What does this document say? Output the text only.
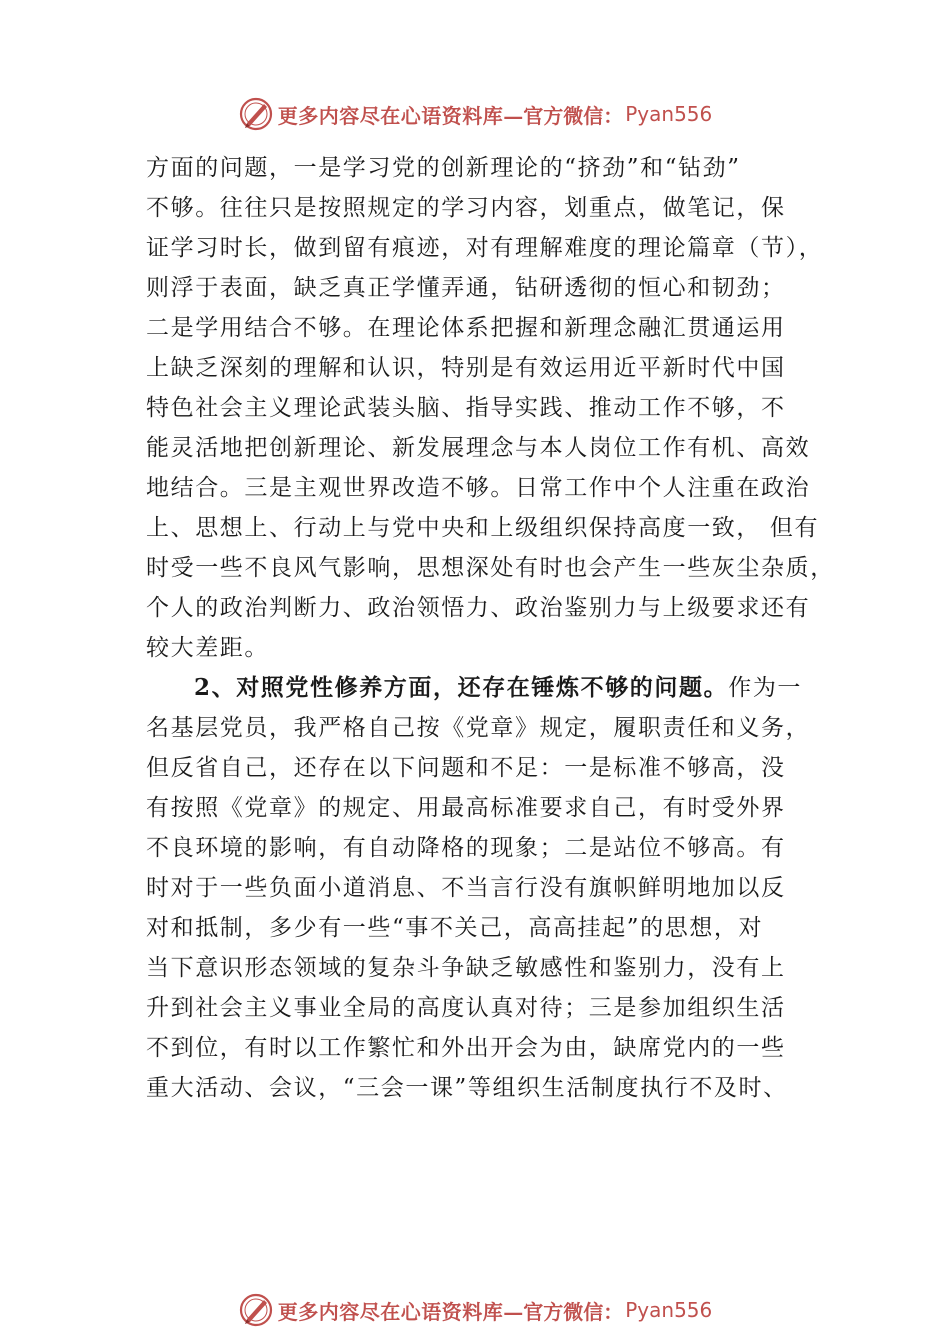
更多内容尽在心语资料库 —官方微信： Pyan556
方面的问题，一是学习党的创新理论的“挤劲”和“钻劲”
不够。往往只是按照规定的学习内容，划重点，做笔记，保
证学习时长，做到留有痕迹，对有理解难度的理论篇章（节），
则浮于表面，缺乏真正学懂弄通，钻研透彻的恒心和韧劲；
二是学用结合不够。在理论体系把握和新理念融汇贯通运用
上缺乏深刻的理解和认识，特别是有效运用近平新时代中国
特色社会主义理论武装头脑、指导实践、推动工作不够，不
能灵活地把创新理论、新发展理念与本人岗位工作有机、高效
地结合。三是主观世界改造不够。日常工作中个人注重在政治
上、思想上、行动上与党中央和上级组织保持高度一致， 但有
时受一些不良风气影响，思想深处有时也会产生一些灰尘杂质，
个人的政治判断力、政治领悟力、政治鉴别力与上级要求还有
较大差距。
2、对照党性修养方面，还存在锤炼不够的问题。作为一
名基层党员，我严格自己按《党章》规定，履职责任和义务，
但反省自己，还存在以下问题和不足：一是标准不够高，没
有按照《党章》的规定、用最高标准要求自己，有时受外界
不良环境的影响，有自动降格的现象；二是站位不够高。有
时对于一些负面小道消息、不当言行没有旗帜鲜明地加以反
对和抵制，多少有一些“事不关己，高高挂起”的思想，对
当下意识形态领域的复杂斗争缺乏敏感性和鉴别力，没有上
升到社会主义事业全局的高度认真对待；三是参加组织生活
不到位，有时以工作繁忙和外出开会为由，缺席党内的一些
重大活动、会议，“三会一课”等组织生活制度执行不及时、
更多内容尽在心语资料库 —官方微信： Pyan556
